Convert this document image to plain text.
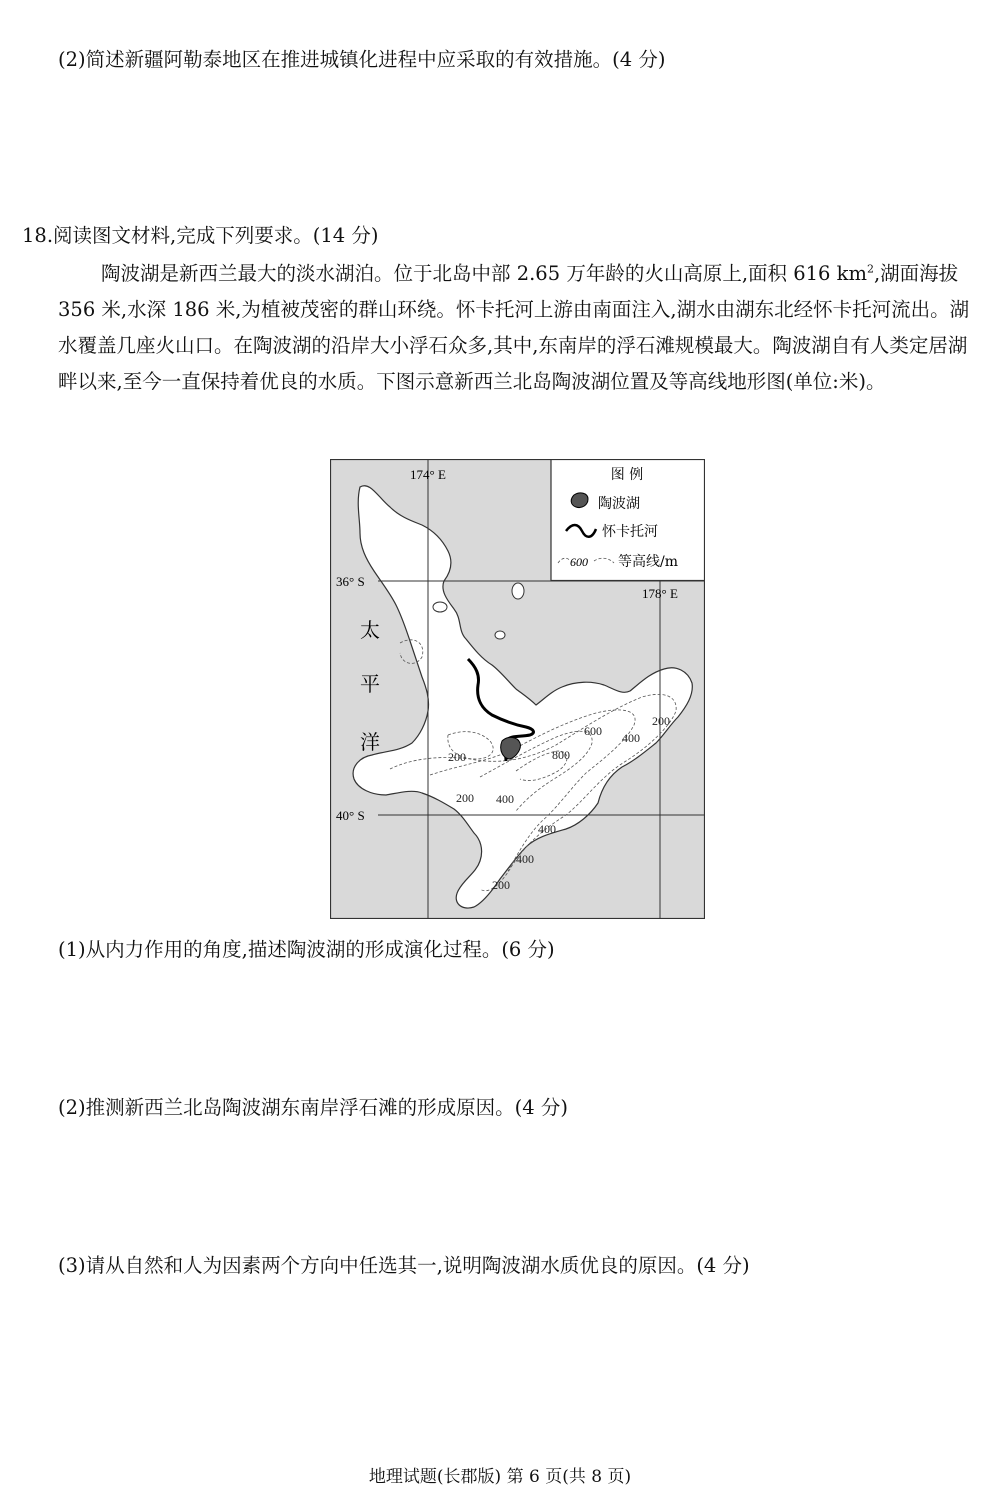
(2)简述新疆阿勒泰地区在推进城镇化进程中应采取的有效措施。(4 分)
18.阅读图文材料,完成下列要求。(14 分)
陶波湖是新西兰最大的淡水湖泊。位于北岛中部 2.65 万年龄的火山高原上,面积 616 $km^2$,湖面海拔 356 米,水深 186 米,为植被茂密的群山环绕。怀卡托河上游由南面注入,湖水由湖东北经怀卡托河流出。湖水覆盖几座火山口。在陶波湖的沿岸大小浮石众多,其中,东南岸的浮石滩规模最大。陶波湖自有人类定居湖畔以来,至今一直保持着优良的水质。下图示意新西兰北岛陶波湖位置及等高线地形图(单位:米)。
174° E
178° E
36° S
40° S
太
平
洋
200
200 400
800
600 400
200
400
400
200
图 例
陶波湖
怀卡托河
600 等高线/m
(1)从内力作用的角度,描述陶波湖的形成演化过程。(6 分)
(2)推测新西兰北岛陶波湖东南岸浮石滩的形成原因。(4 分)
(3)请从自然和人为因素两个方向中任选其一,说明陶波湖水质优良的原因。(4 分)
地理试题(长郡版) 第 6 页(共 8 页)
